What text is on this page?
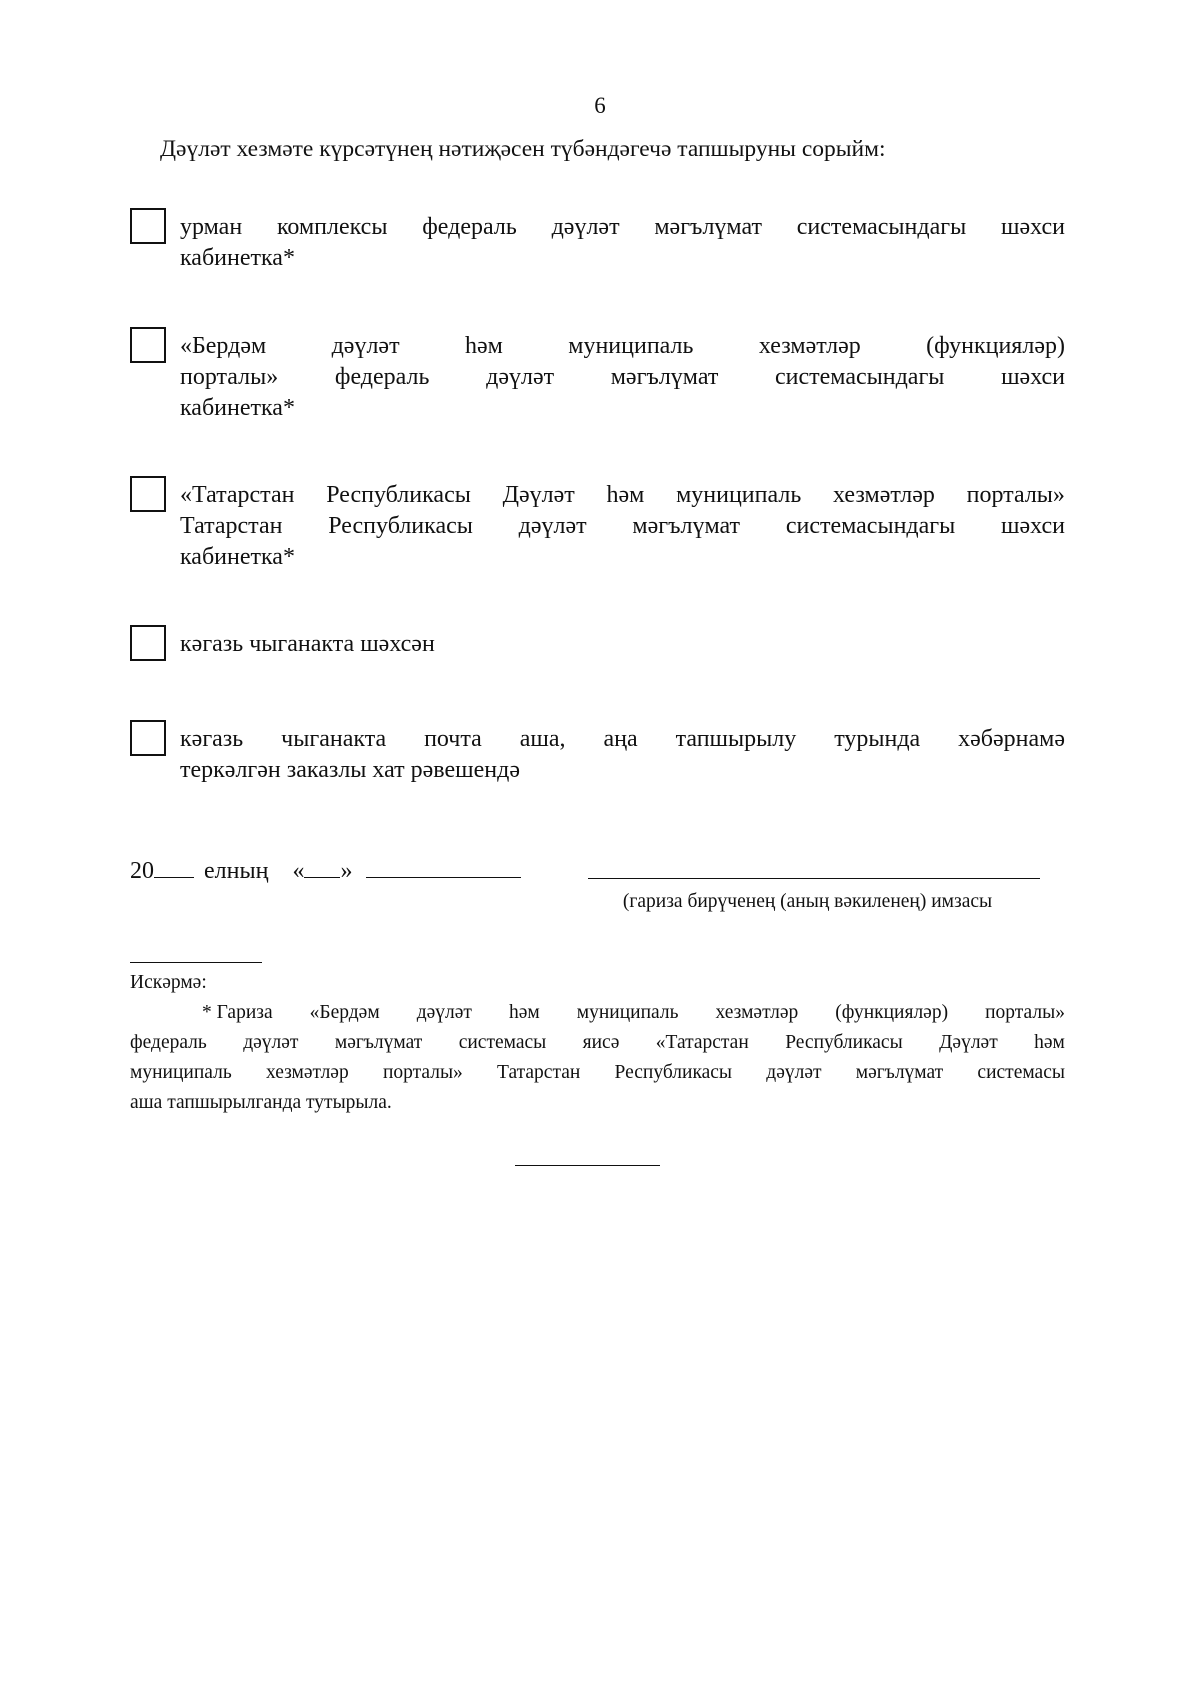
6
Дәүләт хезмәте күрсәтүнең нәтиҗәсен түбәндәгечә тапшыруны сорыйм:
урман комплексы федераль дәүләт мәгълүмат системасындагы шәхси
кабинетка*
«Бердәм	дәүләт	һәм	муниципаль	хезмәтләр	(функцияләр)
порталы» федераль дәүләт мәгълүмат системасындагы шәхси
кабинетка*
«Татарстан Республикасы Дәүләт һәм муниципаль хезмәтләр порталы»
Татарстан Республикасы дәүләт мәгълүмат системасындагы шәхси
кабинетка*
кәгазь чыганакта шәхсән
кәгазь чыганакта почта аша, аңа тапшырылу турында хәбәрнамә
теркәлгән заказлы хат рәвешендә
20 елның « »
(гариза бирүченең (аның вәкиленең) имзасы
Искәрмә:
* Гариза «Бердәм дәүләт һәм муниципаль хезмәтләр (функцияләр) порталы»
федераль дәүләт мәгълүмат системасы яисә «Татарстан Республикасы Дәүләт һәм
муниципаль хезмәтләр порталы» Татарстан Республикасы дәүләт мәгълүмат системасы
аша тапшырылганда тутырыла.
